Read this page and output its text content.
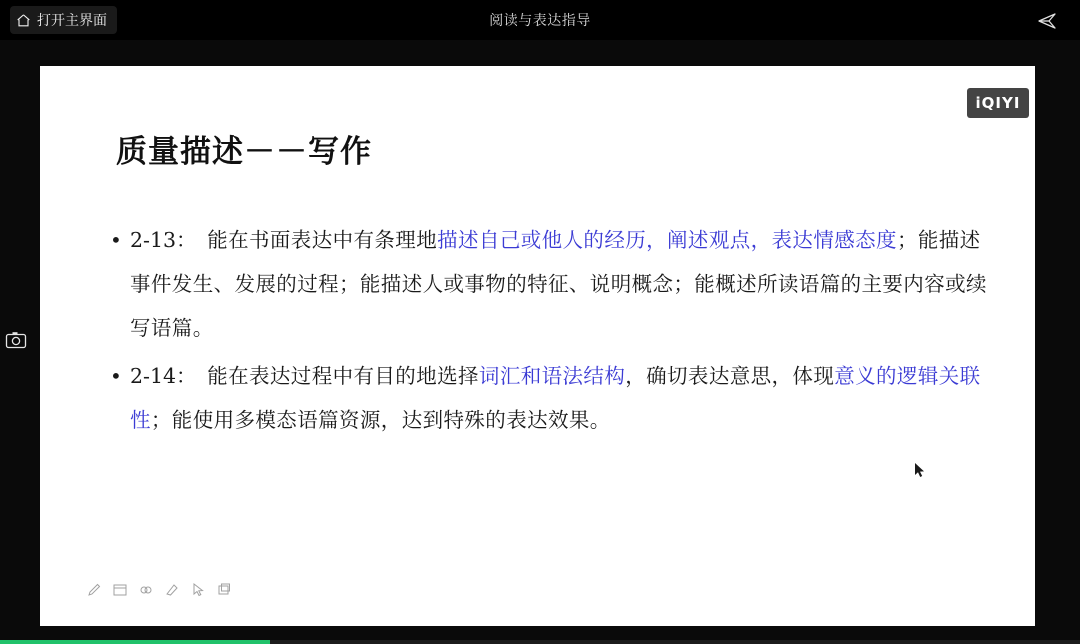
打开主界面	阅读与表达指导
iQIYI
质量描述－－写作
• 2-13：　能在书面表达中有条理地描述自己或他人的经历，阐述观点，表达情感态度；能描述事件发生、发展的过程；能描述人或事物的特征、说明概念；能概述所读语篇的主要内容或续写语篇。
• 2-14：　能在表达过程中有目的地选择词汇和语法结构，确切表达意思，体现意义的逻辑关联性；能使用多模态语篇资源，达到特殊的表达效果。
